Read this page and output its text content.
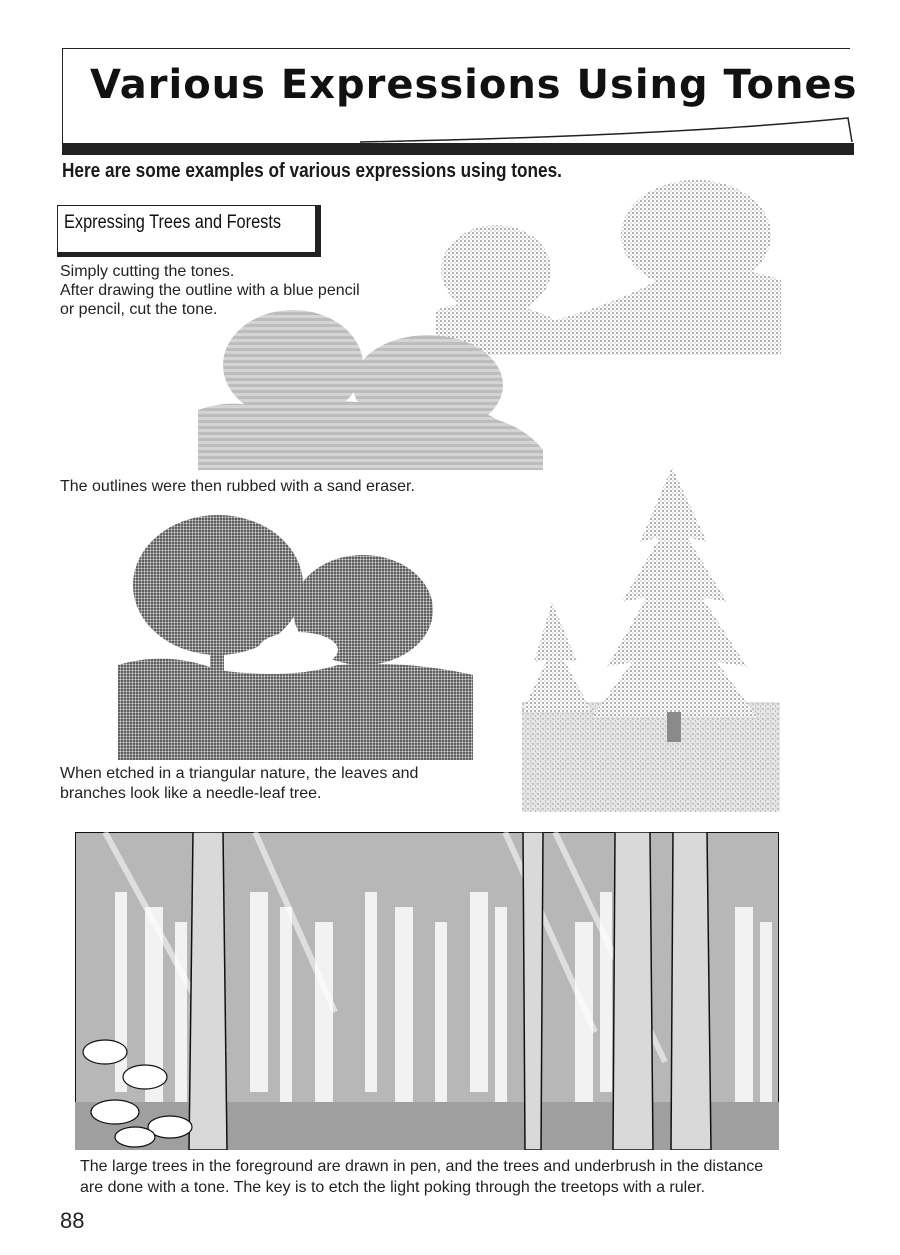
Various Expressions Using Tones
Here are some examples of various expressions using tones.
Expressing Trees and Forests
Simply cutting the tones.
After drawing the outline with a blue pencil
or pencil, cut the tone.
The outlines were then rubbed with a sand eraser.
When etched in a triangular nature, the leaves and
branches look like a needle-leaf tree.
The large trees in the foreground are drawn in pen, and the trees and underbrush in the distance
are done with a tone. The key is to etch the light poking through the treetops with a ruler.
88
